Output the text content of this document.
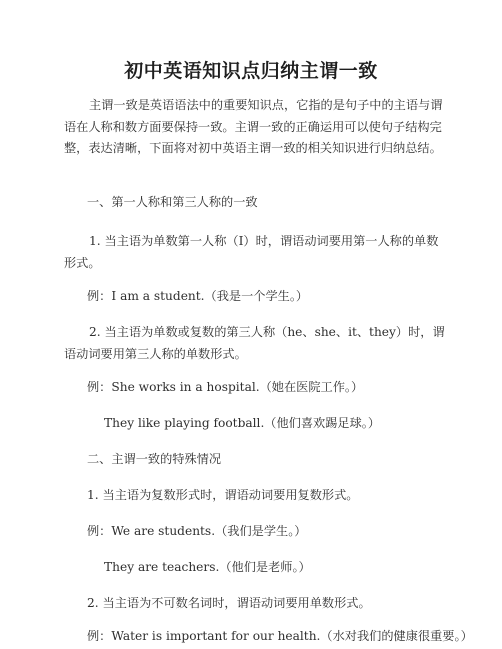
初中英语知识点归纳主谓一致
主谓一致是英语语法中的重要知识点，它指的是句子中的主语与谓语在人称和数方面要保持一致。主谓一致的正确运用可以使句子结构完整，表达清晰，下面将对初中英语主谓一致的相关知识进行归纳总结。
一、第一人称和第三人称的一致
1. 当主语为单数第一人称（I）时，谓语动词要用第一人称的单数形式。
例：I am a student.（我是一个学生。）
2. 当主语为单数或复数的第三人称（he、she、it、they）时，谓语动词要用第三人称的单数形式。
例：She works in a hospital.（她在医院工作。）
They like playing football.（他们喜欢踢足球。）
二、主谓一致的特殊情况
1. 当主语为复数形式时，谓语动词要用复数形式。
例：We are students.（我们是学生。）
They are teachers.（他们是老师。）
2. 当主语为不可数名词时，谓语动词要用单数形式。
例：Water is important for our health.（水对我们的健康很重要。）
